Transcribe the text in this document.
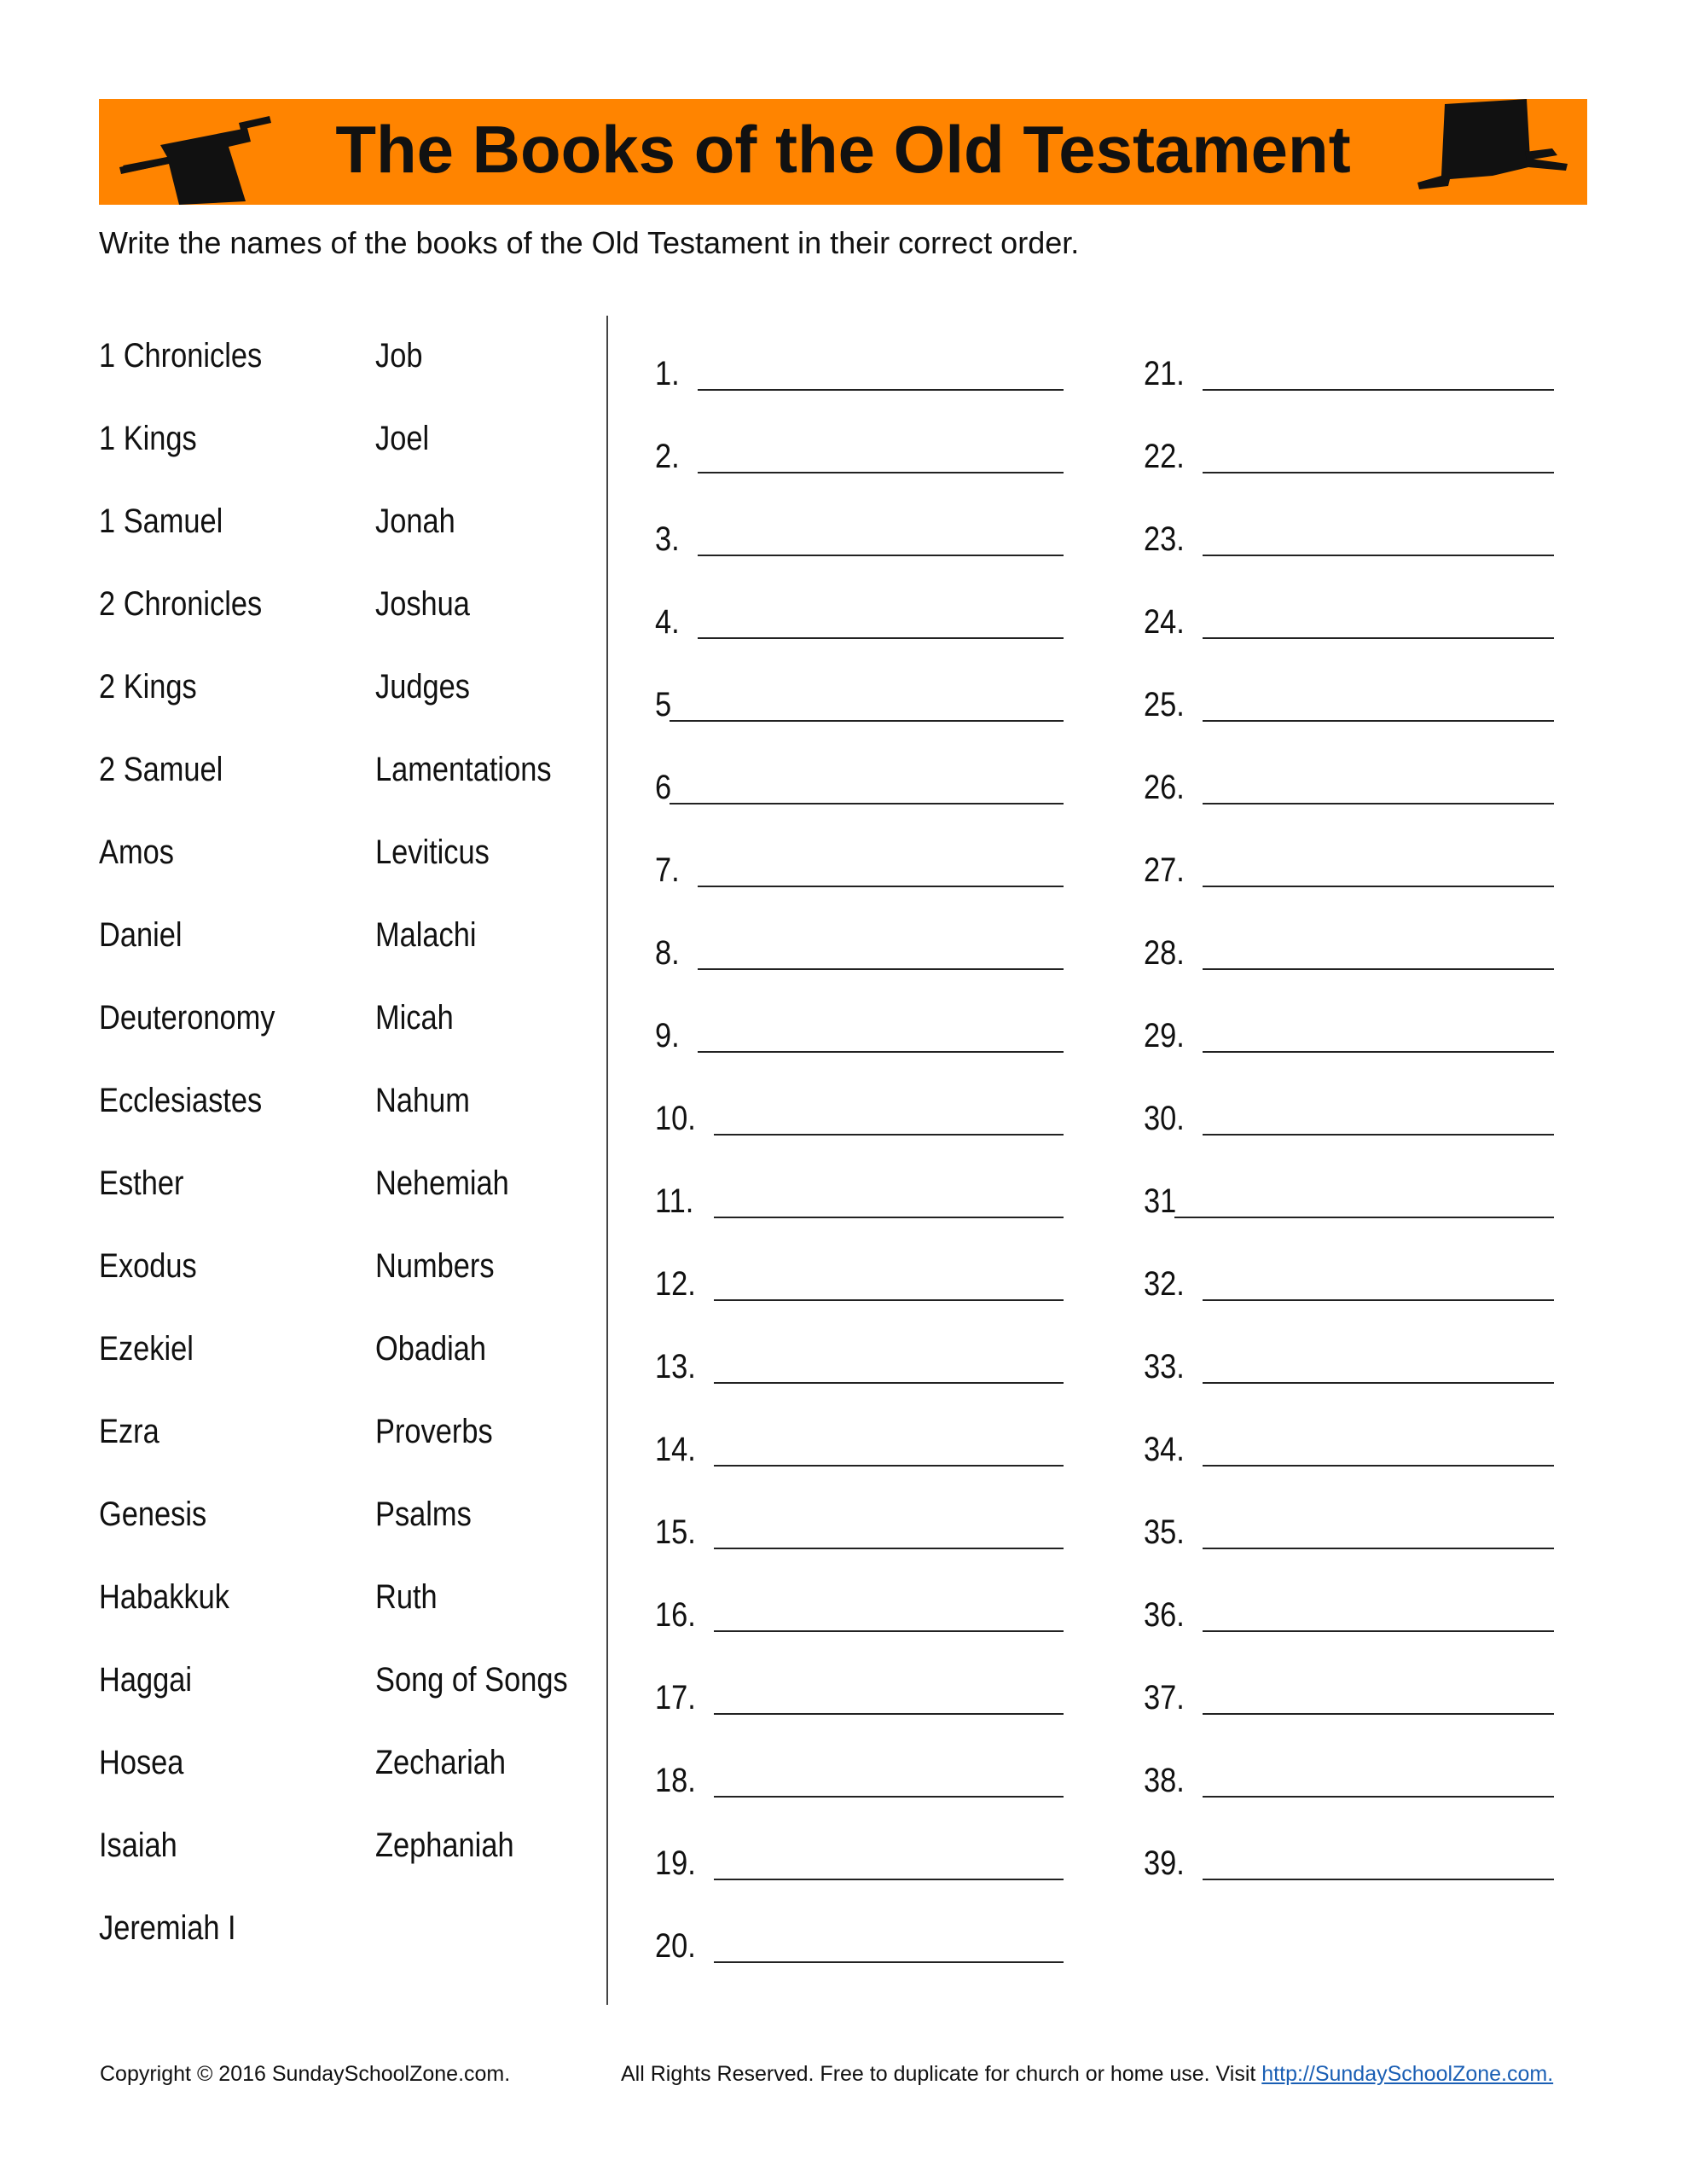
The Books of the Old Testament
Write the names of the books of the Old Testament in their correct order.
1 Chronicles
1 Kings
1 Samuel
2 Chronicles
2 Kings
2 Samuel
Amos
Daniel
Deuteronomy
Ecclesiastes
Esther
Exodus
Ezekiel
Ezra
Genesis
Habakkuk
Haggai
Hosea
Isaiah
Jeremiah I
Job
Joel
Jonah
Joshua
Judges
Lamentations
Leviticus
Malachi
Micah
Nahum
Nehemiah
Numbers
Obadiah
Proverbs
Psalms
Ruth
Song of Songs
Zechariah
Zephaniah
1.
2.
3.
4.
5
6
7.
8.
9.
10.
11.
12.
13.
14.
15.
16.
17.
18.
19.
20.
21.
22.
23.
24.
25.
26.
27.
28.
29.
30.
31
32.
33.
34.
35.
36.
37.
38.
39.
Copyright © 2016 SundaySchoolZone.com.	All Rights Reserved. Free to duplicate for church or home use. Visit http://SundaySchoolZone.com.
